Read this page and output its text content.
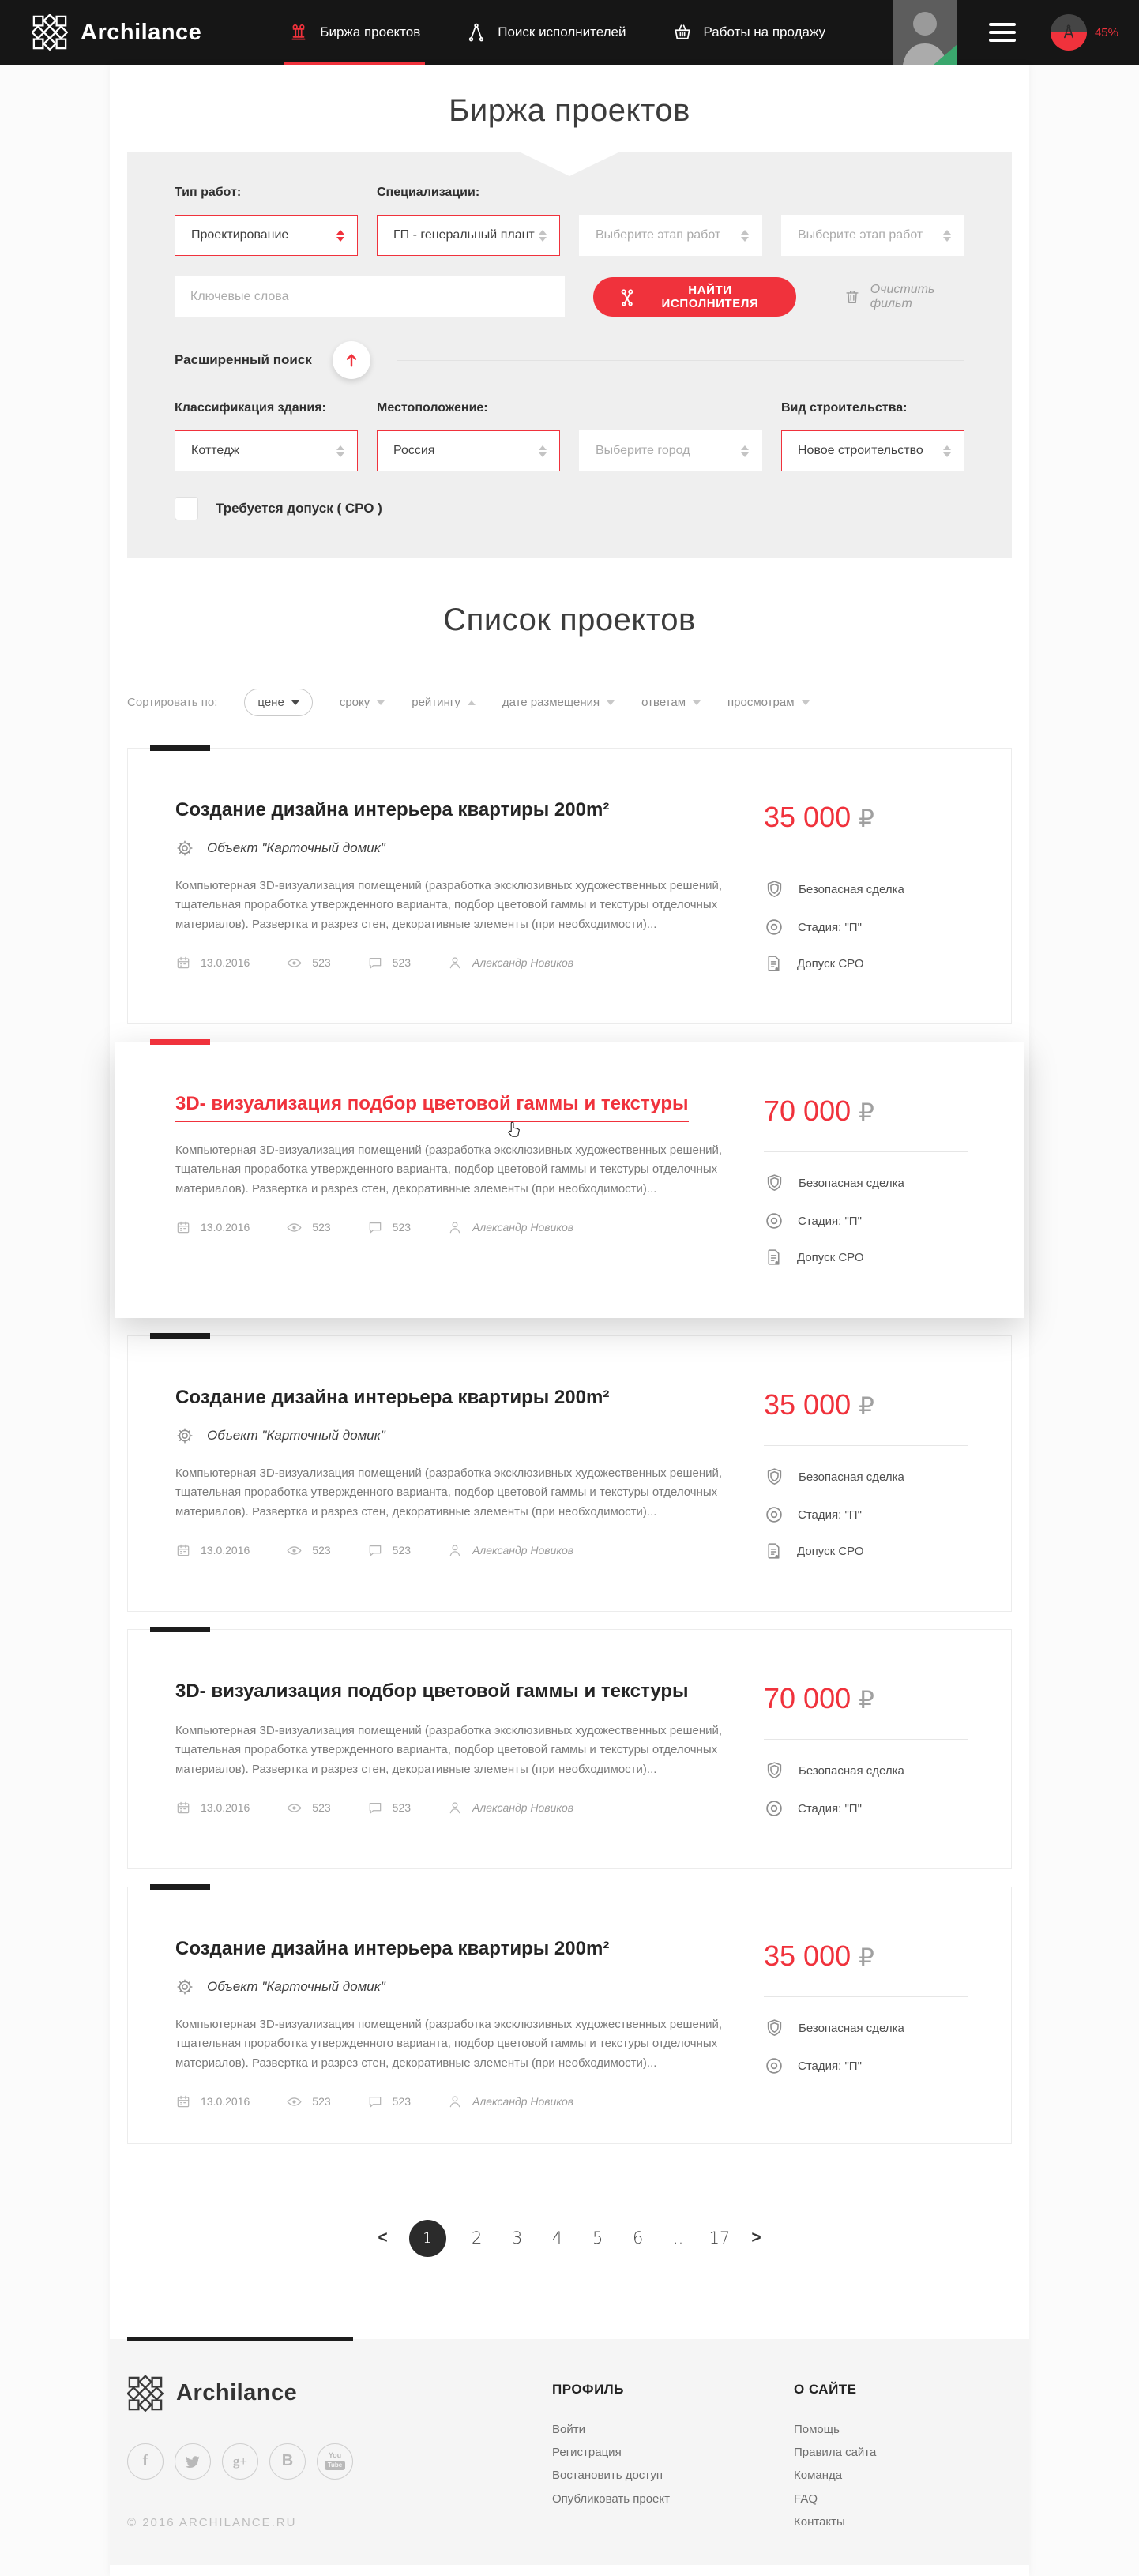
Archilance	Биржа проектов	Поиск исполнителей	Работы на продажу	45%
Биржа проектов
Тип работ:
Проектирование
Специализации:
ГП - генеральный плант	Выберите этап работ	Выберите этап работ
Ключевые слова
НАЙТИ ИСПОЛНИТЕЛЯ
Очистить фильт
Расширенный поиск
Классификация здания:
Коттедж
Местоположение:
Россия	Выберите город
Вид строительства:
Новое строительство
Требуется допуск ( СРО )
Список проектов
Сортировать по:	цене	сроку	рейтингу	дате размещения	ответам	просмотрам
Создание дизайна интерьера квартиры 200m²
Объект "Карточный домик"

Компьютерная 3D-визуализация помещений (разработка эксклюзивных художественных решений, тщательная проработка утвержденного варианта, подбор цветовой гаммы и текстуры отделочных материалов). Развертка и разрез стен, декоративные элементы (при необходимости)...

13.0.2016	523	523	Александр Новиков
35 000 ₽
Безопасная сделка
Стадия: "П"
Допуск СРО
3D- визуализация подбор цветовой гаммы и текстуры

Компьютерная 3D-визуализация помещений (разработка эксклюзивных художественных решений, тщательная проработка утвержденного варианта, подбор цветовой гаммы и текстуры отделочных материалов). Развертка и разрез стен, декоративные элементы (при необходимости)...

13.0.2016	523	523	Александр Новиков
70 000 ₽
Безопасная сделка
Стадия: "П"
Допуск СРО
Создание дизайна интерьера квартиры 200m²
Объект "Карточный домик"

Компьютерная 3D-визуализация помещений (разработка эксклюзивных художественных решений, тщательная проработка утвержденного варианта, подбор цветовой гаммы и текстуры отделочных материалов). Развертка и разрез стен, декоративные элементы (при необходимости)...

13.0.2016	523	523	Александр Новиков
35 000 ₽
Безопасная сделка
Стадия: "П"
Допуск СРО
3D- визуализация подбор цветовой гаммы и текстуры

Компьютерная 3D-визуализация помещений (разработка эксклюзивных художественных решений, тщательная проработка утвержденного варианта, подбор цветовой гаммы и текстуры отделочных материалов). Развертка и разрез стен, декоративные элементы (при необходимости)...

13.0.2016	523	523	Александр Новиков
70 000 ₽
Безопасная сделка
Стадия: "П"
Создание дизайна интерьера квартиры 200m²
Объект "Карточный домик"

Компьютерная 3D-визуализация помещений (разработка эксклюзивных художественных решений, тщательная проработка утвержденного варианта, подбор цветовой гаммы и текстуры отделочных материалов). Развертка и разрез стен, декоративные элементы (при необходимости)...

13.0.2016	523	523	Александр Новиков
35 000 ₽
Безопасная сделка
Стадия: "П"
<	1	2 3 4 5 6 .. 17 >
Archilance
f	g+ B	You
Tube
© 2016 ARCHILANCE.RU
ПРОФИЛЬ
Войти
Регистрация
Востановить доступ
Опубликовать проект
О САЙТЕ
Помощь
Правила сайта
Команда
FAQ
Контакты
